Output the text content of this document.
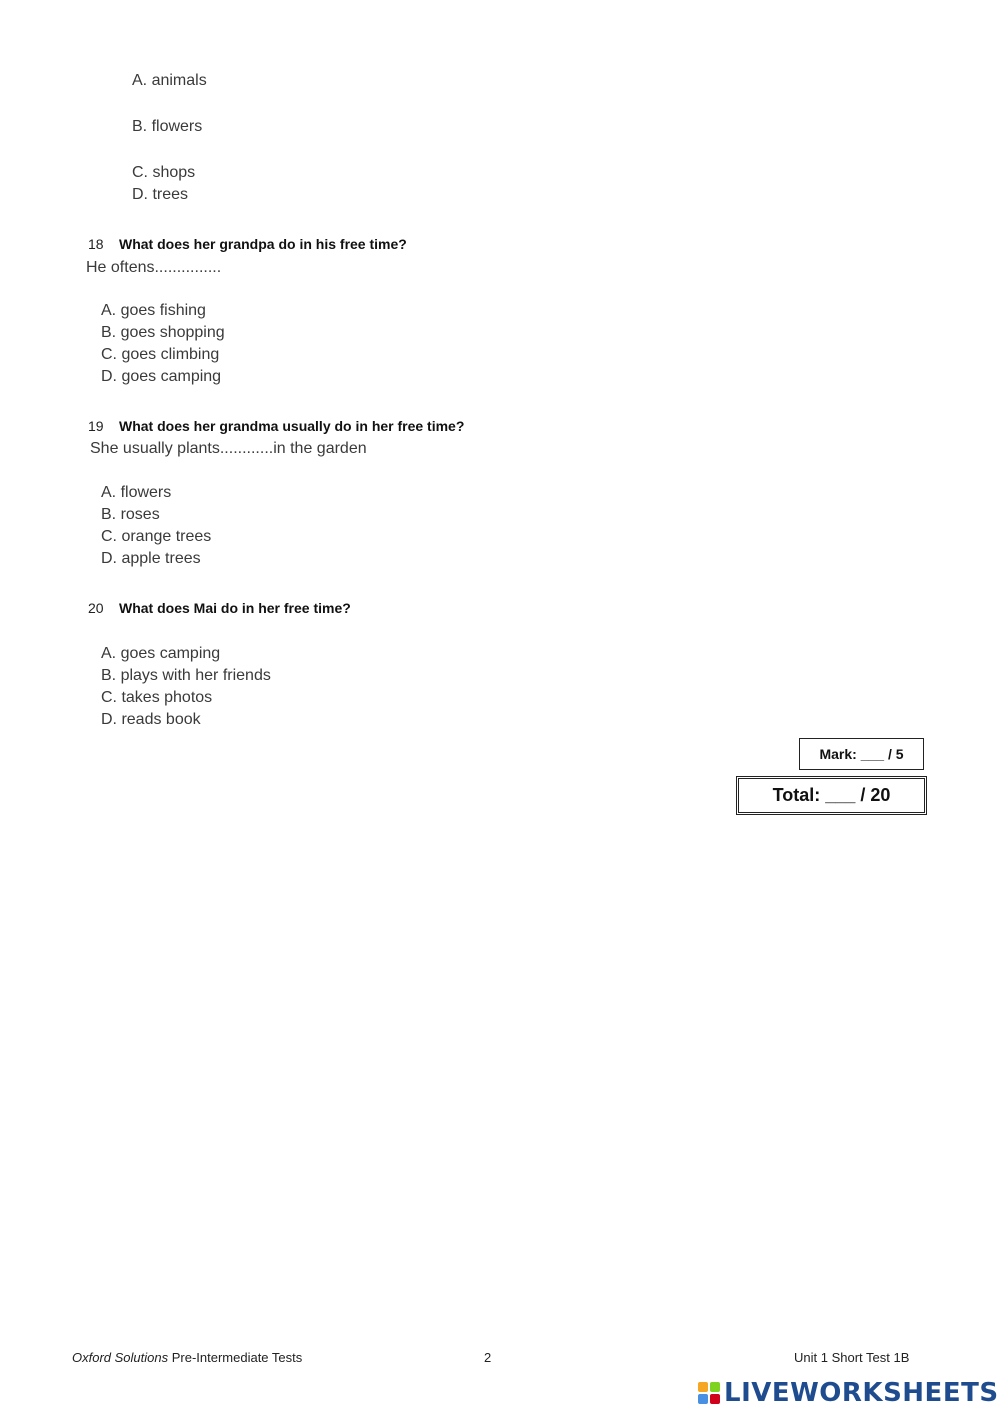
A. animals
B. flowers
C. shops
D. trees
18 What does her grandpa do in his free time?
He oftens...............
A. goes fishing
B. goes shopping
C. goes climbing
D. goes camping
19 What does her grandma usually do in her free time?
She usually plants............in the garden
A. flowers
B. roses
C. orange trees
D. apple trees
20 What does Mai do in her free time?
A. goes camping
B. plays with her friends
C. takes photos
D. reads book
Mark: ___ / 5
Total: ___ / 20
Oxford Solutions Pre-Intermediate Tests	2	Unit 1 Short Test 1B
LIVEWORKSHEETS
